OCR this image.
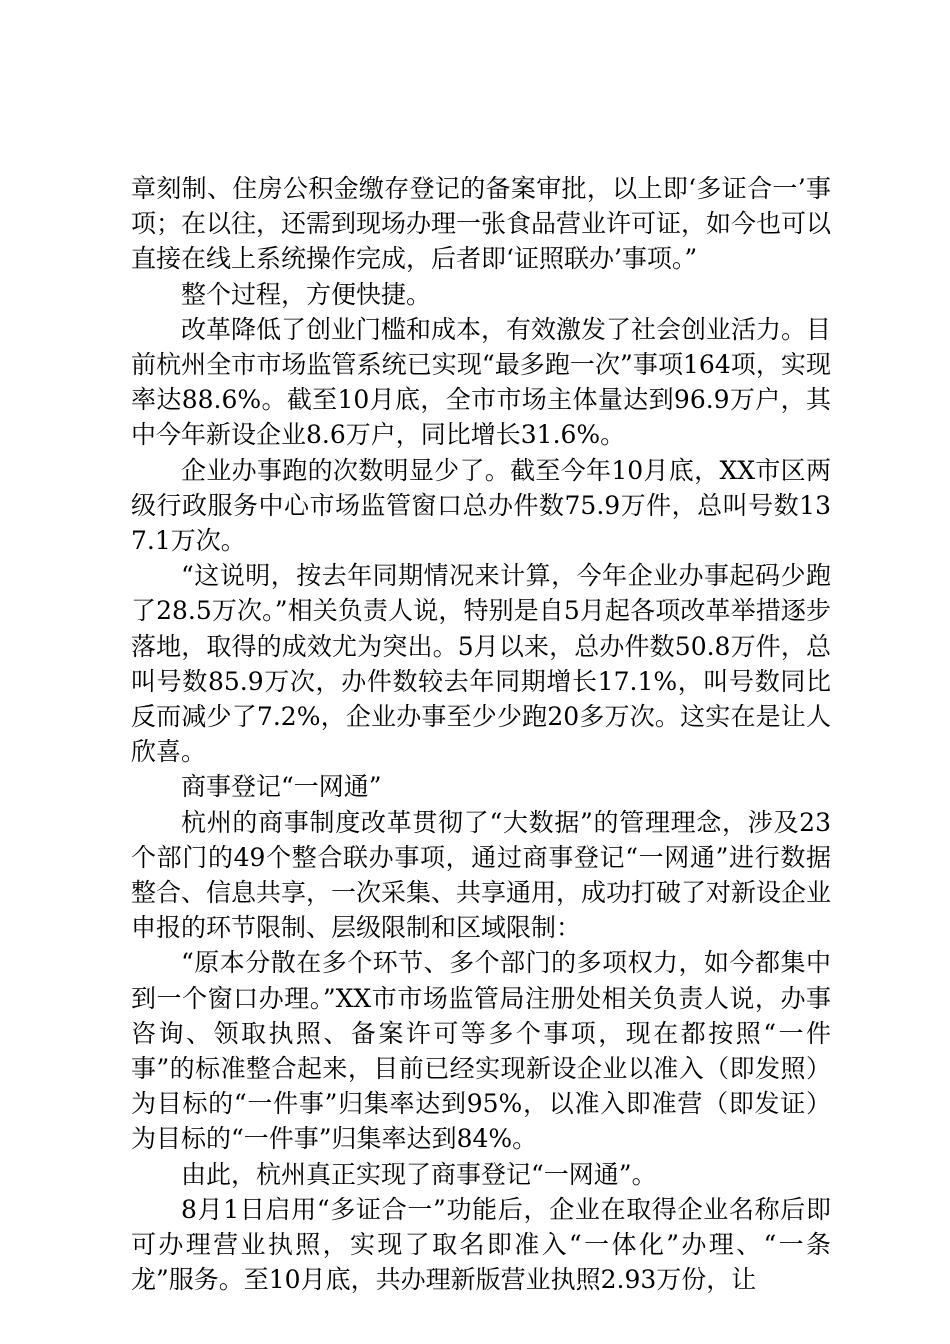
章刻制、住房公积金缴存登记的备案审批，以上即‘多证合一’事项；在以往，还需到现场办理一张食品营业许可证，如今也可以直接在线上系统操作完成，后者即‘证照联办’事项。”

整个过程，方便快捷。

改革降低了创业门槛和成本，有效激发了社会创业活力。目前杭州全市市场监管系统已实现“最多跑一次”事项164项，实现率达88.6%。截至10月底，全市市场主体量达到96.9万户，其中今年新设企业8.6万户，同比增长31.6%。

企业办事跑的次数明显少了。截至今年10月底，XX市区两级行政服务中心市场监管窗口总办件数75.9万件，总叫号数137.1万次。

“这说明，按去年同期情况来计算，今年企业办事起码少跑了28.5万次。”相关负责人说，特别是自5月起各项改革举措逐步落地，取得的成效尤为突出。5月以来，总办件数50.8万件，总叫号数85.9万次，办件数较去年同期增长17.1%，叫号数同比反而减少了7.2%，企业办事至少少跑20多万次。这实在是让人欣喜。

商事登记“一网通”

杭州的商事制度改革贯彻了“大数据”的管理理念，涉及23个部门的49个整合联办事项，通过商事登记“一网通”进行数据整合、信息共享，一次采集、共享通用，成功打破了对新设企业申报的环节限制、层级限制和区域限制：

“原本分散在多个环节、多个部门的多项权力，如今都集中到一个窗口办理。”XX市市场监管局注册处相关负责人说，办事咨询、领取执照、备案许可等多个事项，现在都按照“一件事”的标准整合起来，目前已经实现新设企业以准入（即发照）为目标的“一件事”归集率达到95%，以准入即准营（即发证）为目标的“一件事”归集率达到84%。

由此，杭州真正实现了商事登记“一网通”。

8月1日启用“多证合一”功能后，企业在取得企业名称后即可办理营业执照，实现了取名即准入“一体化”办理、“一条龙”服务。至10月底，共办理新版营业执照2.93万份，让
